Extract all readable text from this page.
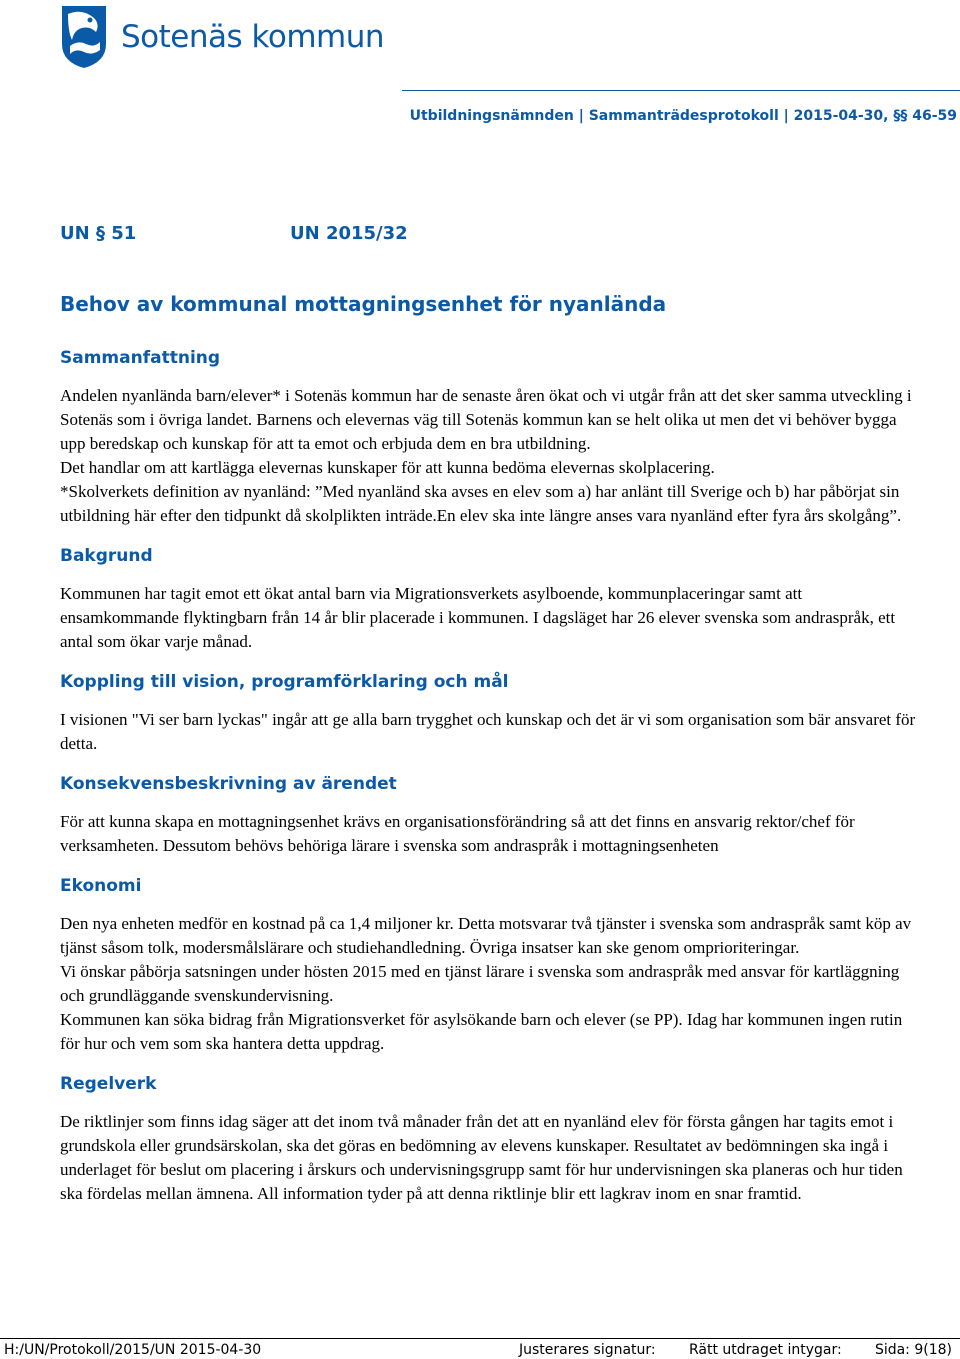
Sotenäs kommun
Utbildningsnämnden | Sammanträdesprotokoll | 2015-04-30, §§ 46-59
UN § 51	UN 2015/32
Behov av kommunal mottagningsenhet för nyanlända
Sammanfattning

Andelen nyanlända barn/elever* i Sotenäs kommun har de senaste åren ökat och vi utgår från att det sker samma utveckling i Sotenäs som i övriga landet. Barnens och elevernas väg till Sotenäs kommun kan se helt olika ut men det vi behöver bygga upp beredskap och kunskap för att ta emot och erbjuda dem en bra utbildning.

Det handlar om att kartlägga elevernas kunskaper för att kunna bedöma elevernas skolplacering.

*Skolverkets definition av nyanländ: ”Med nyanländ ska avses en elev som a) har anlänt till Sverige och b) har påbörjat sin utbildning här efter den tidpunkt då skolplikten inträde.En elev ska inte längre anses vara nyanländ efter fyra års skolgång”.

Bakgrund

Kommunen har tagit emot ett ökat antal barn via Migrationsverkets asylboende, kommunplaceringar samt att ensamkommande flyktingbarn från 14 år blir placerade i kommunen. I dagsläget har 26 elever svenska som andraspråk, ett antal som ökar varje månad.

Koppling till vision, programförklaring och mål

I visionen "Vi ser barn lyckas" ingår att ge alla barn trygghet och kunskap och det är vi som organisation som bär ansvaret för detta.

Konsekvensbeskrivning av ärendet

För att kunna skapa en mottagningsenhet krävs en organisationsförändring så att det finns en ansvarig rektor/chef för verksamheten. Dessutom behövs behöriga lärare i svenska som andraspråk i mottagningsenheten

Ekonomi

Den nya enheten medför en kostnad på ca 1,4 miljoner kr. Detta motsvarar två tjänster i svenska som andraspråk samt köp av tjänst såsom tolk, modersmålslärare och studiehandledning. Övriga insatser kan ske genom omprioriteringar.

Vi önskar påbörja satsningen under hösten 2015 med en tjänst lärare i svenska som andraspråk med ansvar för kartläggning och grundläggande svenskundervisning.

Kommunen kan söka bidrag från Migrationsverket för asylsökande barn och elever (se PP). Idag har kommunen ingen rutin för hur och vem som ska hantera detta uppdrag.

Regelverk

De riktlinjer som finns idag säger att det inom två månader från det att en nyanländ elev för första gången har tagits emot i grundskola eller grundsärskolan, ska det göras en bedömning av elevens kunskaper. Resultatet av bedömningen ska ingå i underlaget för beslut om placering i årskurs och undervisningsgrupp samt för hur undervisningen ska planeras och hur tiden ska fördelas mellan ämnena. All information tyder på att denna riktlinje blir ett lagkrav inom en snar framtid.

H:/UN/Protokoll/2015/UN 2015-04-30	Justerares signatur: Rätt utdraget intygar: Sida: 9(18)
